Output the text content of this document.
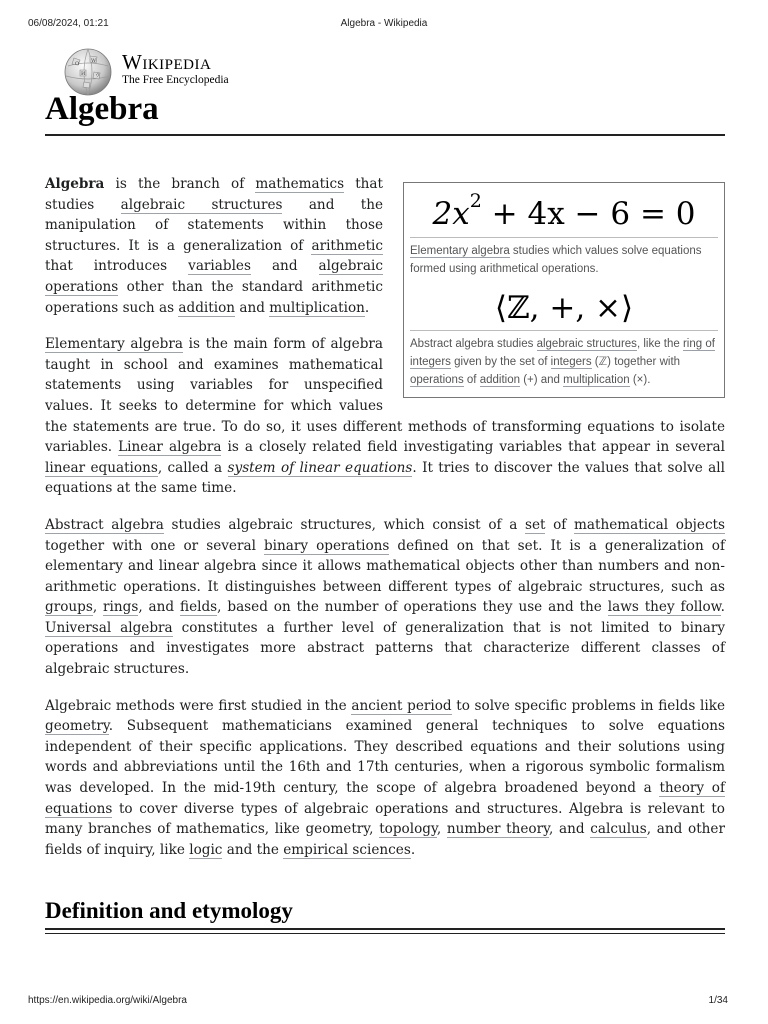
06/08/2024, 01:21	Algebra - Wikipedia
Ω W
И ウ
Wikipedia
The Free Encyclopedia
Algebra
$2x^2 + 4x - 6 = 0$
Elementary algebra studies which values solve equations formed using arithmetical operations.
⟨ℤ, +, ×⟩
Abstract algebra studies algebraic structures, like the ring of integers given by the set of integers (ℤ) together with operations of addition (+) and multiplication (×).

Algebra is the branch of mathematics that studies algebraic structures and the manipulation of statements within those structures. It is a generalization of arithmetic that introduces variables and algebraic operations other than the standard arithmetic operations such as addition and multiplication.

Elementary algebra is the main form of algebra taught in school and examines mathematical statements using variables for unspecified values. It seeks to determine for which values the statements are true. To do so, it uses different methods of transforming equations to isolate variables. Linear algebra is a closely related field investigating variables that appear in several linear equations, called a system of linear equations. It tries to discover the values that solve all equations at the same time.

Abstract algebra studies algebraic structures, which consist of a set of mathematical objects together with one or several binary operations defined on that set. It is a generalization of elementary and linear algebra since it allows mathematical objects other than numbers and non-arithmetic operations. It distinguishes between different types of algebraic structures, such as groups, rings, and fields, based on the number of operations they use and the laws they follow. Universal algebra constitutes a further level of generalization that is not limited to binary operations and investigates more abstract patterns that characterize different classes of algebraic structures.

Algebraic methods were first studied in the ancient period to solve specific problems in fields like geometry. Subsequent mathematicians examined general techniques to solve equations independent of their specific applications. They described equations and their solutions using words and abbreviations until the 16th and 17th centuries, when a rigorous symbolic formalism was developed. In the mid-19th century, the scope of algebra broadened beyond a theory of equations to cover diverse types of algebraic operations and structures. Algebra is relevant to many branches of mathematics, like geometry, topology, number theory, and calculus, and other fields of inquiry, like logic and the empirical sciences.

Definition and etymology
https://en.wikipedia.org/wiki/Algebra	1/34
